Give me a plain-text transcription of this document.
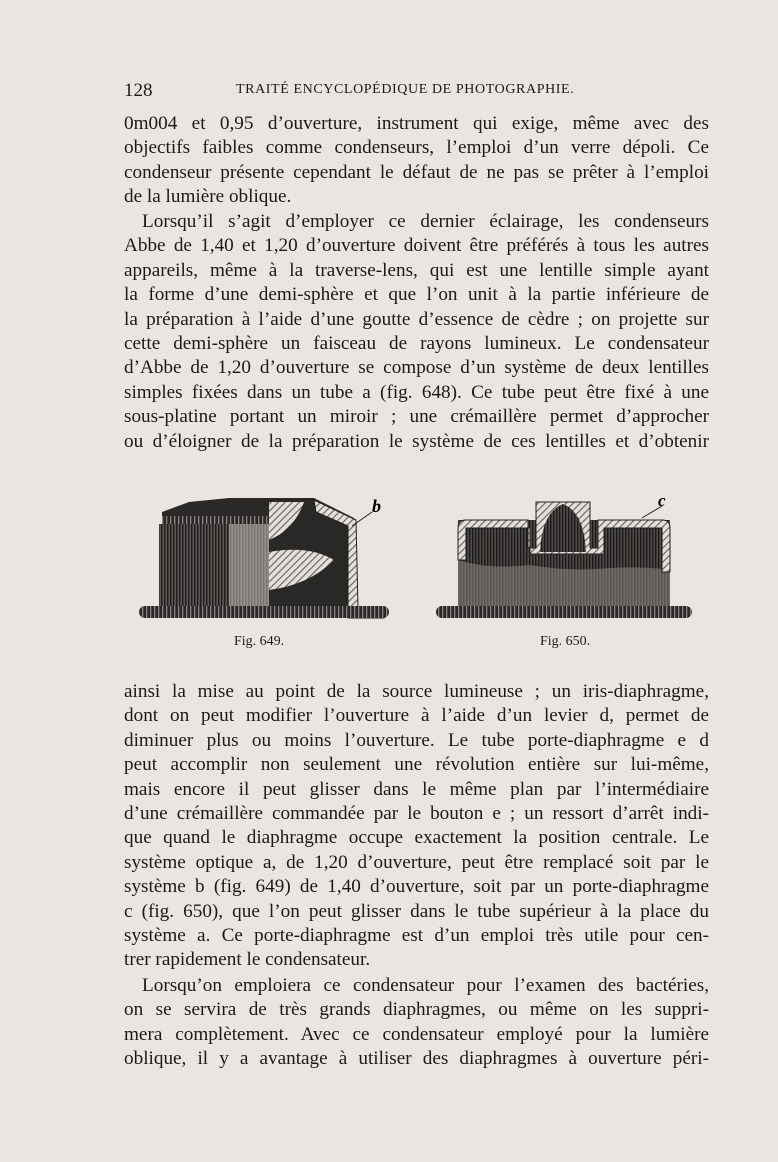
128	TRAITÉ ENCYCLOPÉDIQUE DE PHOTOGRAPHIE.
0m004 et 0,95 d’ouverture, instrument qui exige, même avec des
objectifs faibles comme condenseurs, l’emploi d’un verre dépoli. Ce
condenseur présente cependant le défaut de ne pas se prêter à l’emploi
de la lumière oblique.
Lorsqu’il s’agit d’employer ce dernier éclairage, les condenseurs
Abbe de 1,40 et 1,20 d’ouverture doivent être préférés à tous les autres
appareils, même à la traverse-lens, qui est une lentille simple ayant
la forme d’une demi-sphère et que l’on unit à la partie inférieure de
la préparation à l’aide d’une goutte d’essence de cèdre ; on projette sur
cette demi-sphère un faisceau de rayons lumineux. Le condensateur
d’Abbe de 1,20 d’ouverture se compose d’un système de deux lentilles
simples fixées dans un tube a (fig. 648). Ce tube peut être fixé à une
sous-platine portant un miroir ; une crémaillère permet d’approcher
ou d’éloigner de la préparation le système de ces lentilles et d’obtenir
b
Fig. 649.
c
Fig. 650.
ainsi la mise au point de la source lumineuse ; un iris-diaphragme,
dont on peut modifier l’ouverture à l’aide d’un levier d, permet de
diminuer plus ou moins l’ouverture. Le tube porte-diaphragme e d
peut accomplir non seulement une révolution entière sur lui-même,
mais encore il peut glisser dans le même plan par l’intermédiaire
d’une crémaillère commandée par le bouton e ; un ressort d’arrêt indi-
que quand le diaphragme occupe exactement la position centrale. Le
système optique a, de 1,20 d’ouverture, peut être remplacé soit par le
système b (fig. 649) de 1,40 d’ouverture, soit par un porte-diaphragme
c (fig. 650), que l’on peut glisser dans le tube supérieur à la place du
système a. Ce porte-diaphragme est d’un emploi très utile pour cen-
trer rapidement le condensateur.
Lorsqu’on emploiera ce condensateur pour l’examen des bactéries,
on se servira de très grands diaphragmes, ou même on les suppri-
mera complètement. Avec ce condensateur employé pour la lumière
oblique, il y a avantage à utiliser des diaphragmes à ouverture péri-
